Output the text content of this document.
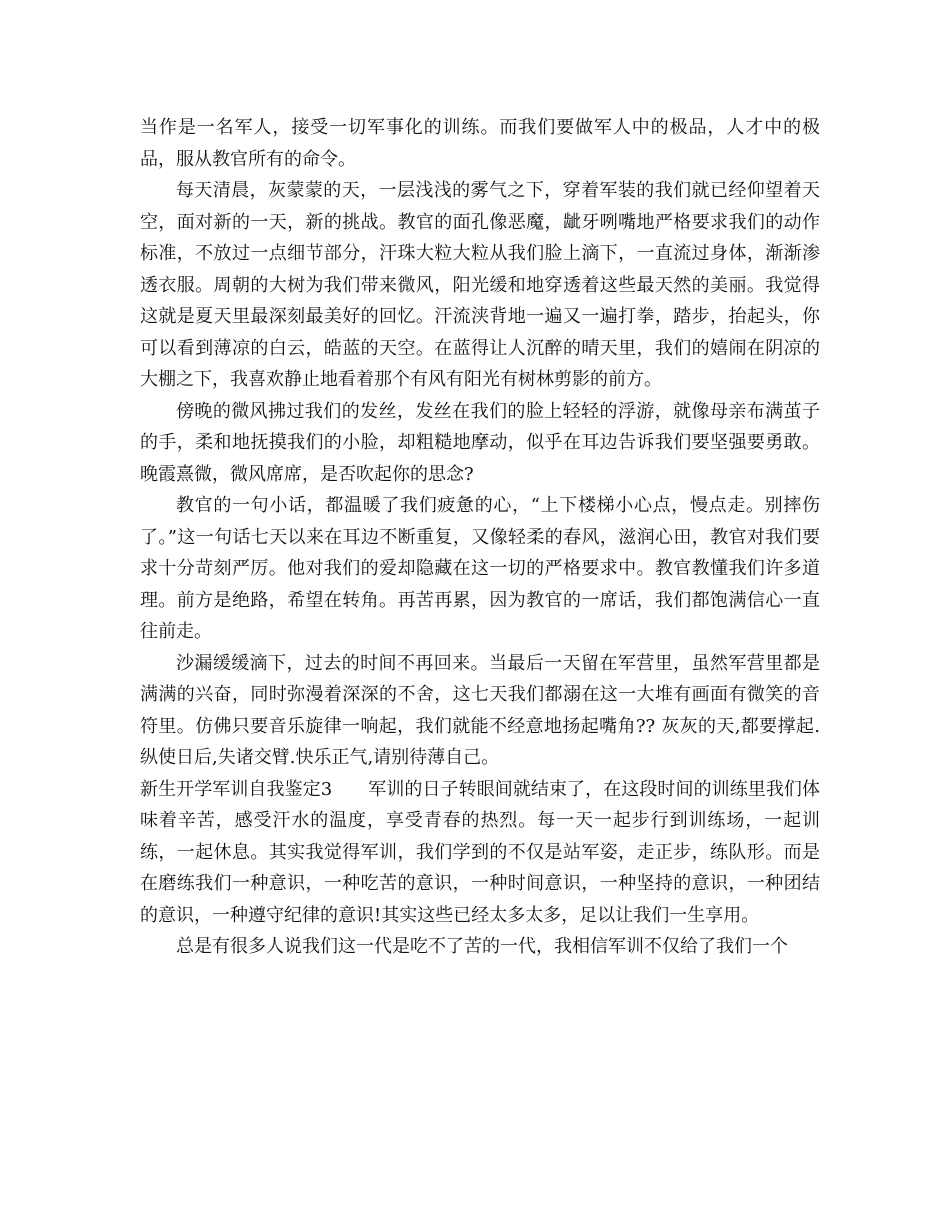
当作是一名军人，接受一切军事化的训练。而我们要做军人中的极品，人才中的极品，服从教官所有的命令。

每天清晨，灰蒙蒙的天，一层浅浅的雾气之下，穿着军装的我们就已经仰望着天空，面对新的一天，新的挑战。教官的面孔像恶魔，龇牙咧嘴地严格要求我们的动作标准，不放过一点细节部分，汗珠大粒大粒从我们脸上滴下，一直流过身体，渐渐渗透衣服。周朝的大树为我们带来微风，阳光缓和地穿透着这些最天然的美丽。我觉得这就是夏天里最深刻最美好的回忆。汗流浃背地一遍又一遍打拳，踏步，抬起头，你可以看到薄凉的白云，皓蓝的天空。在蓝得让人沉醉的晴天里，我们的嬉闹在阴凉的大棚之下，我喜欢静止地看着那个有风有阳光有树林剪影的前方。

傍晚的微风拂过我们的发丝，发丝在我们的脸上轻轻的浮游，就像母亲布满茧子的手，柔和地抚摸我们的小脸，却粗糙地摩动，似乎在耳边告诉我们要坚强要勇敢。晚霞熹微，微风席席，是否吹起你的思念?

教官的一句小话，都温暖了我们疲惫的心，“上下楼梯小心点，慢点走。别摔伤了。”这一句话七天以来在耳边不断重复，又像轻柔的春风，滋润心田，教官对我们要求十分苛刻严厉。他对我们的爱却隐藏在这一切的严格要求中。教官教懂我们许多道理。前方是绝路，希望在转角。再苦再累，因为教官的一席话，我们都饱满信心一直往前走。

沙漏缓缓滴下，过去的时间不再回来。当最后一天留在军营里，虽然军营里都是满满的兴奋，同时弥漫着深深的不舍，这七天我们都溺在这一大堆有画面有微笑的音符里。仿佛只要音乐旋律一响起，我们就能不经意地扬起嘴角?? 灰灰的天,都要撑起.纵使日后,失诸交臂.快乐正气,请别待薄自己。

新生开学军训自我鉴定3 军训的日子转眼间就结束了，在这段时间的训练里我们体味着辛苦，感受汗水的温度，享受青春的热烈。每一天一起步行到训练场，一起训练，一起休息。其实我觉得军训，我们学到的不仅是站军姿，走正步，练队形。而是在磨练我们一种意识，一种吃苦的意识，一种时间意识，一种坚持的意识，一种团结的意识，一种遵守纪律的意识!其实这些已经太多太多，足以让我们一生享用。

总是有很多人说我们这一代是吃不了苦的一代，我相信军训不仅给了我们一个
